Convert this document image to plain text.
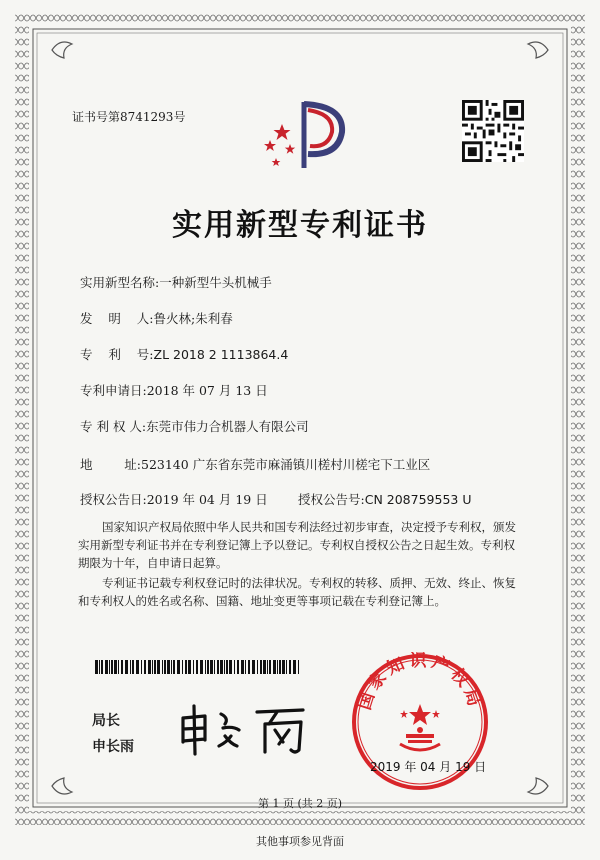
证书号第8741293号
实用新型专利证书
实用新型名称:一种新型牛头机械手
发    明    人:鲁火林;朱利春
专    利    号:ZL 2018 2 1113864.4
专利申请日:2018 年 07 月 13 日
专 利 权 人:东莞市伟力合机器人有限公司
地        址:523140 广东省东莞市麻涌镇川槎村川槎宅下工业区
授权公告日:2019 年 04 月 19 日 授权公告号:CN 208759553 U
国家知识产权局依照中华人民共和国专利法经过初步审查，决定授予专利权，颁发实用新型专利证书并在专利登记簿上予以登记。专利权自授权公告之日起生效。专利权期限为十年，自申请日起算。
专利证书记载专利权登记时的法律状况。专利权的转移、质押、无效、终止、恢复和专利权人的姓名或名称、国籍、地址变更等事项记载在专利登记簿上。
局长
申长雨
国家知识产权局
2019 年 04 月 19 日
第 1 页 (共 2 页)
其他事项参见背面
